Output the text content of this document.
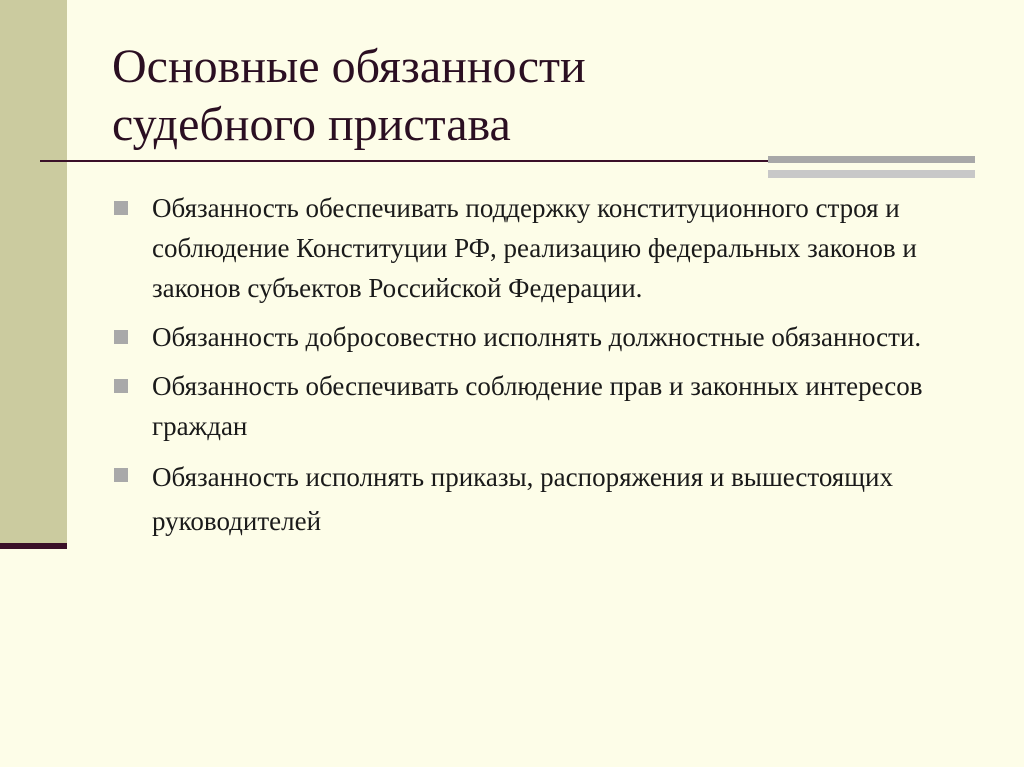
Основные обязанности
судебного пристава
Обязанность обеспечивать поддержку конституционного строя и соблюдение Конституции РФ, реализацию федеральных законов и законов субъектов Российской Федерации.
Обязанность добросовестно исполнять должностные обязанности.
Обязанность обеспечивать соблюдение прав и законных интересов граждан
Обязанность исполнять приказы, распоряжения и вышестоящих руководителей
